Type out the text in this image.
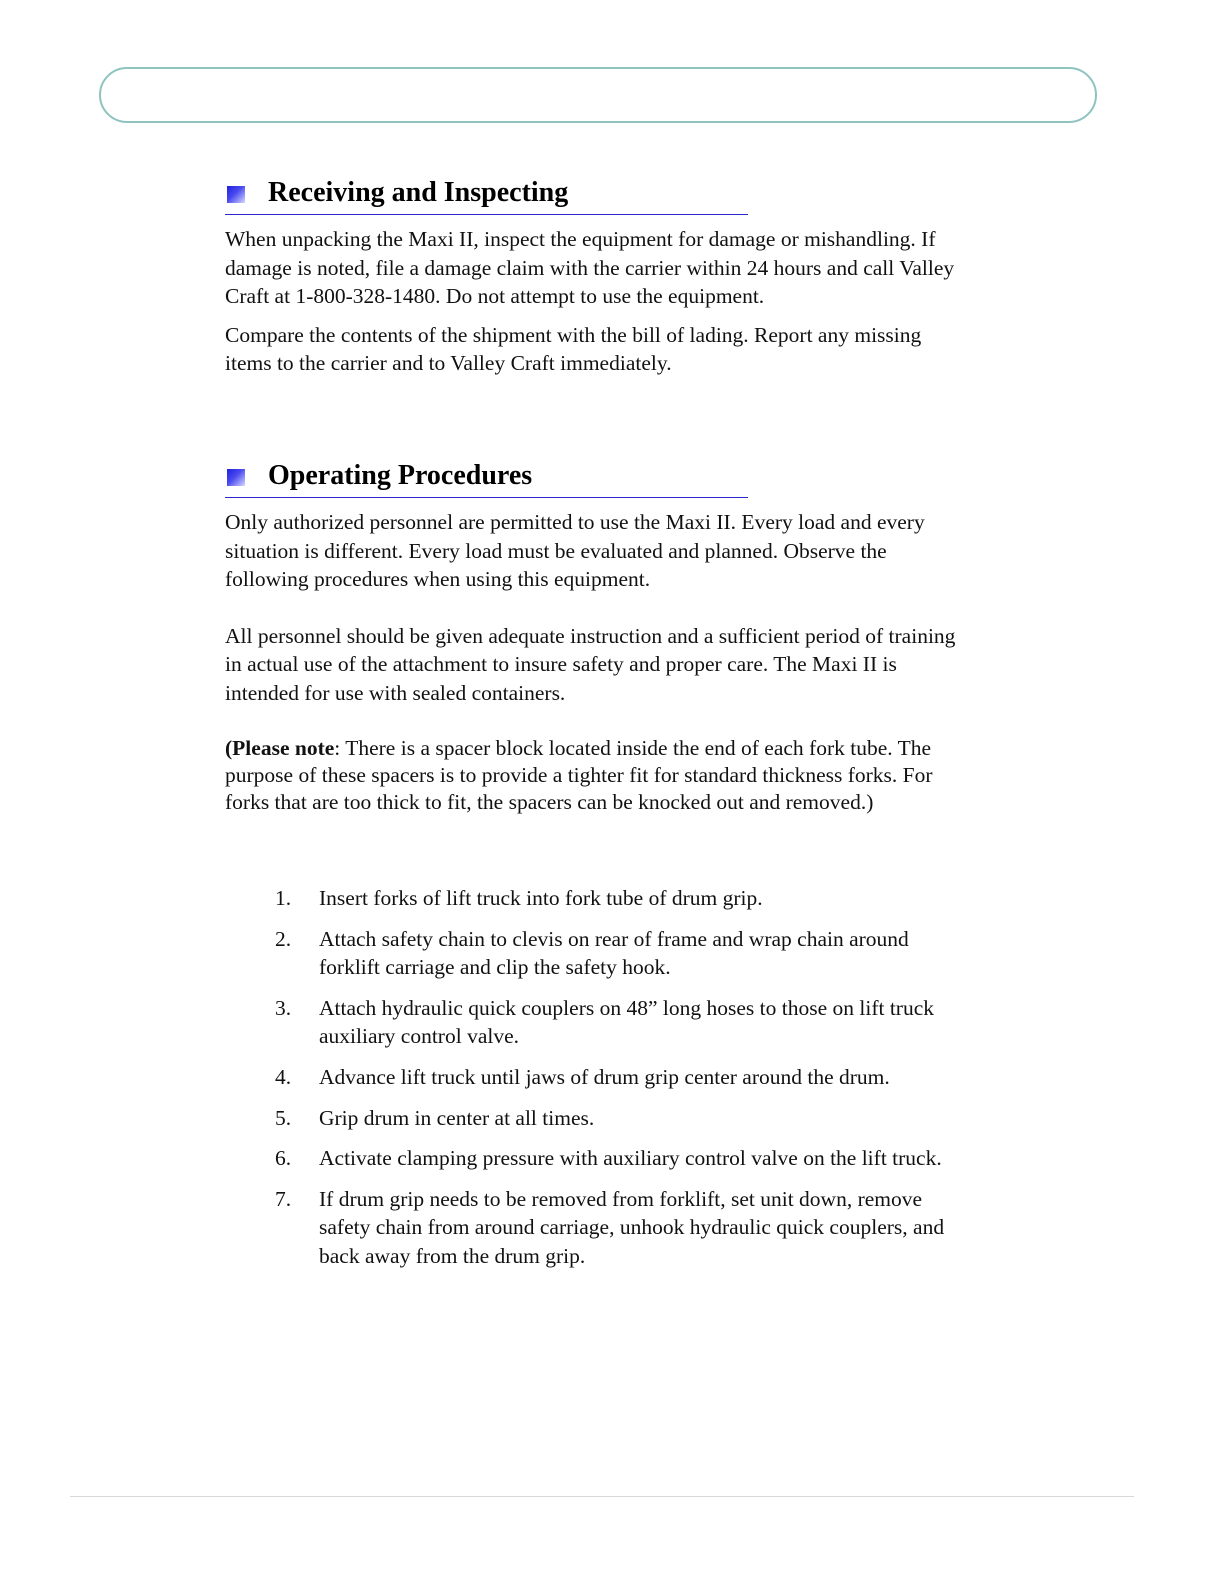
Receiving and Inspecting

When unpacking the Maxi II, inspect the equipment for damage or mishandling. If damage is noted, file a damage claim with the carrier within 24 hours and call Valley Craft at 1-800-328-1480. Do not attempt to use the equipment.

Compare the contents of the shipment with the bill of lading. Report any missing items to the carrier and to Valley Craft immediately.

Operating Procedures

Only authorized personnel are permitted to use the Maxi II. Every load and every situation is different. Every load must be evaluated and planned. Observe the following procedures when using this equipment.

All personnel should be given adequate instruction and a sufficient period of training in actual use of the attachment to insure safety and proper care. The Maxi II is intended for use with sealed containers.

(Please note: There is a spacer block located inside the end of each fork tube. The purpose of these spacers is to provide a tighter fit for standard thickness forks. For forks that are too thick to fit, the spacers can be knocked out and removed.)

1. Insert forks of lift truck into fork tube of drum grip.
2. Attach safety chain to clevis on rear of frame and wrap chain around forklift carriage and clip the safety hook.
3. Attach hydraulic quick couplers on 48” long hoses to those on lift truck auxiliary control valve.
4. Advance lift truck until jaws of drum grip center around the drum.
5. Grip drum in center at all times.
6. Activate clamping pressure with auxiliary control valve on the lift truck.
7. If drum grip needs to be removed from forklift, set unit down, remove safety chain from around carriage, unhook hydraulic quick couplers, and back away from the drum grip.
